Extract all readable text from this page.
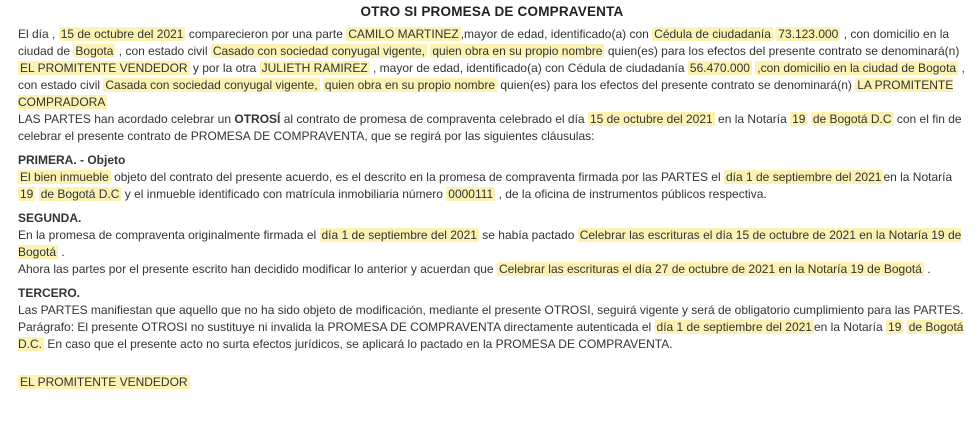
OTRO SI PROMESA DE COMPRAVENTA

El día , 15 de octubre del 2021 comparecieron por una parte CAMILO MARTINEZ ,mayor de edad, identificado(a) con Cédula de ciudadanía 73.123.000 , con domicilio en la ciudad de Bogota , con estado civil Casado con sociedad conyugal vigente, quien obra en su propio nombre quien(es) para los efectos del presente contrato se denominará(n) EL PROMITENTE VENDEDOR y por la otra JULIETH RAMIREZ , mayor de edad, identificado(a) con Cédula de ciudadanía 56.470.000 ,con domicilio en la ciudad de Bogota , con estado civil Casada con sociedad conyugal vigente, quien obra en su propio nombre quien(es) para los efectos del presente contrato se denominará(n) LA PROMITENTE COMPRADORA

LAS PARTES han acordado celebrar un OTROSÍ al contrato de promesa de compraventa celebrado el día 15 de octubre del 2021 en la Notaría 19 de Bogotá D.C con el fin de celebrar el presente contrato de PROMESA DE COMPRAVENTA, que se regirá por las siguientes cláusulas:

PRIMERA. - Objeto

El bien inmueble objeto del contrato del presente acuerdo, es el descrito en la promesa de compraventa firmada por las PARTES el día 1 de septiembre del 2021 en la Notaría 19 de Bogotá D.C y el inmueble identificado con matrícula inmobiliaria número 0000111 , de la oficina de instrumentos públicos respectiva.

SEGUNDA.

En la promesa de compraventa originalmente firmada el día 1 de septiembre del 2021 se había pactado Celebrar las escrituras el día 15 de octubre de 2021 en la Notaría 19 de Bogotá .

Ahora las partes por el presente escrito han decidido modificar lo anterior y acuerdan que Celebrar las escrituras el día 27 de octubre de 2021 en la Notaría 19 de Bogotá .

TERCERO.

Las PARTES manifiestan que aquello que no ha sido objeto de modificación, mediante el presente OTROSI, seguirá vigente y será de obligatorio cumplimiento para las PARTES.

Parágrafo: El presente OTROSI no sustituye ni invalida la PROMESA DE COMPRAVENTA directamente autenticada el día 1 de septiembre del 2021 en la Notaría 19 de Bogotá D.C. En caso que el presente acto no surta efectos jurídicos, se aplicará lo pactado en la PROMESA DE COMPRAVENTA.

EL PROMITENTE VENDEDOR
